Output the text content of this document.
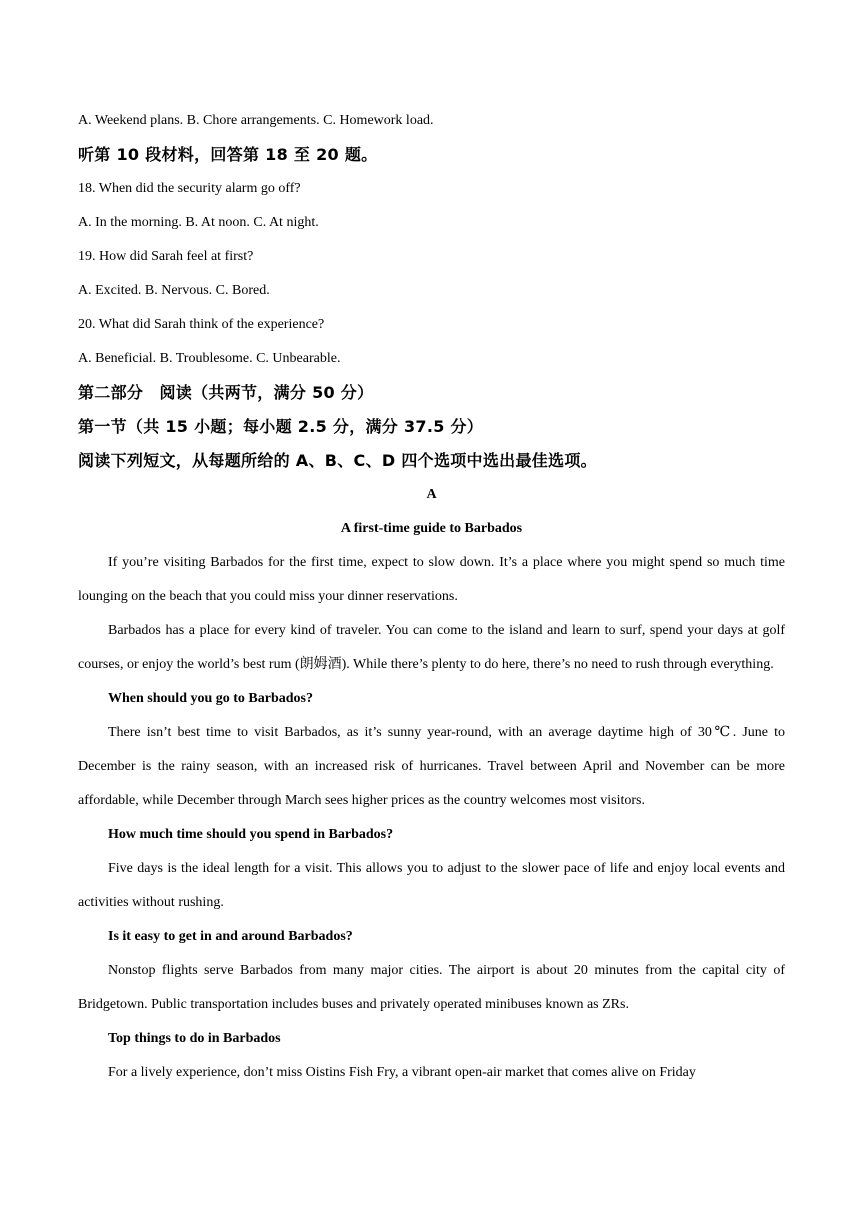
A. Weekend plans. B. Chore arrangements. C. Homework load.

听第 10 段材料，回答第 18 至 20 题。

18. When did the security alarm go off?

A. In the morning. B. At noon. C. At night.

19. How did Sarah feel at first?

A. Excited. B. Nervous. C. Bored.

20. What did Sarah think of the experience?

A. Beneficial. B. Troublesome. C. Unbearable.

第二部分　阅读（共两节，满分 50 分）

第一节（共 15 小题；每小题 2.5 分，满分 37.5 分）

阅读下列短文，从每题所给的 A、B、C、D 四个选项中选出最佳选项。

A

A first-time guide to Barbados

If you’re visiting Barbados for the first time, expect to slow down. It’s a place where you might spend so much time lounging on the beach that you could miss your dinner reservations.

Barbados has a place for every kind of traveler. You can come to the island and learn to surf, spend your days at golf courses, or enjoy the world’s best rum (朗姆酒). While there’s plenty to do here, there’s no need to rush through everything.

When should you go to Barbados?

There isn’t best time to visit Barbados, as it’s sunny year-round, with an average daytime high of 30℃. June to December is the rainy season, with an increased risk of hurricanes. Travel between April and November can be more affordable, while December through March sees higher prices as the country welcomes most visitors.

How much time should you spend in Barbados?

Five days is the ideal length for a visit. This allows you to adjust to the slower pace of life and enjoy local events and activities without rushing.

Is it easy to get in and around Barbados?

Nonstop flights serve Barbados from many major cities. The airport is about 20 minutes from the capital city of Bridgetown. Public transportation includes buses and privately operated minibuses known as ZRs.

Top things to do in Barbados

For a lively experience, don’t miss Oistins Fish Fry, a vibrant open-air market that comes alive on Friday
